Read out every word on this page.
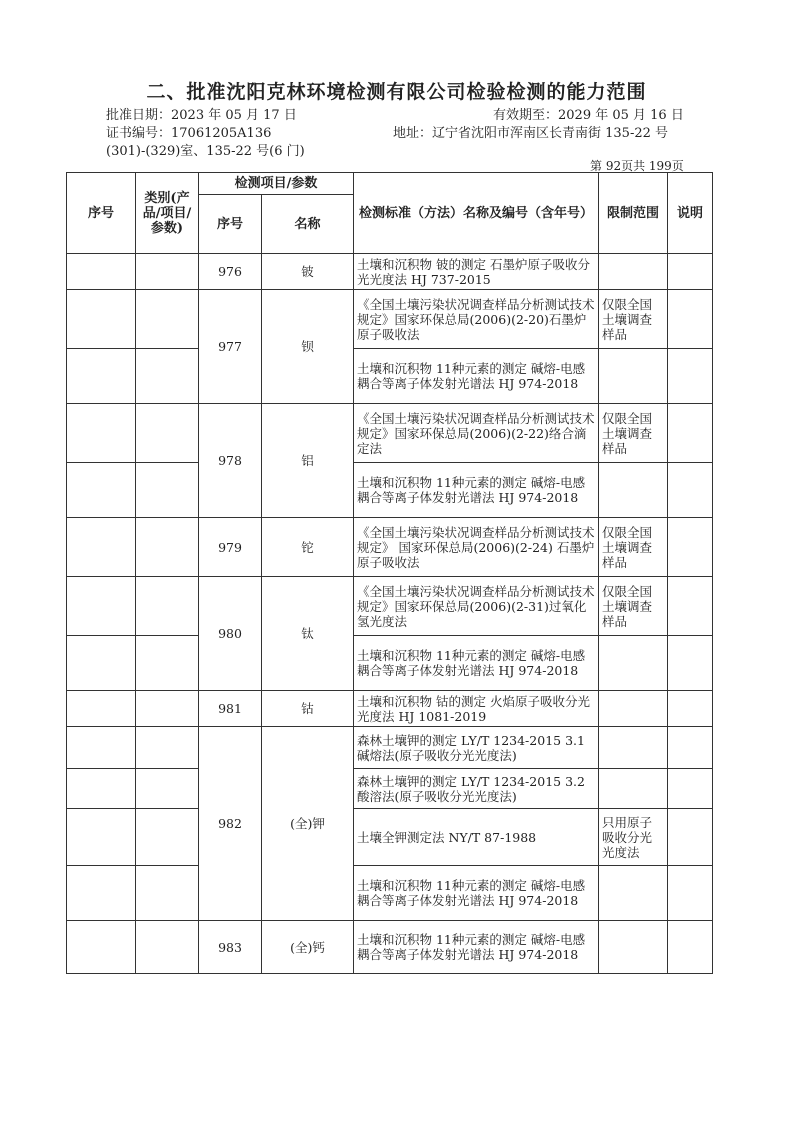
二、批准沈阳克林环境检测有限公司检验检测的能力范围
批准日期：2023 年 05 月 17 日	有效期至：2029 年 05 月 16 日
证书编号：17061205A136	地址：辽宁省沈阳市浑南区长青南街 135-22 号
(301)-(329)室、135-22 号(6 门)
第 92页共 199页
序号	类别(产品/项目/参数)	检测项目/参数		检测标准（方法）名称及编号（含年号）	限制范围	说明
		序号	名称			
		976	铍	土壤和沉积物 铍的测定 石墨炉原子吸收分光光度法 HJ 737-2015		
		977	钡	《全国土壤污染状况调查样品分析测试技术规定》国家环保总局(2006)(2-20)石墨炉原子吸收法	仅限全国土壤调查样品	
				土壤和沉积物 11种元素的测定 碱熔-电感耦合等离子体发射光谱法 HJ 974-2018		
		978	铝	《全国土壤污染状况调查样品分析测试技术规定》国家环保总局(2006)(2-22)络合滴定法	仅限全国土壤调查样品	
				土壤和沉积物 11种元素的测定 碱熔-电感耦合等离子体发射光谱法 HJ 974-2018		
		979	铊	《全国土壤污染状况调查样品分析测试技术规定》 国家环保总局(2006)(2-24) 石墨炉原子吸收法	仅限全国土壤调查样品	
		980	钛	《全国土壤污染状况调查样品分析测试技术规定》国家环保总局(2006)(2-31)过氧化氢光度法	仅限全国土壤调查样品	
				土壤和沉积物 11种元素的测定 碱熔-电感耦合等离子体发射光谱法 HJ 974-2018		
		981	钴	土壤和沉积物 钴的测定 火焰原子吸收分光光度法 HJ 1081-2019		
		982	(全)钾	森林土壤钾的测定 LY/T 1234-2015 3.1 碱熔法(原子吸收分光光度法)		
				森林土壤钾的测定 LY/T 1234-2015 3.2 酸溶法(原子吸收分光光度法)		
				土壤全钾测定法 NY/T 87-1988	只用原子吸收分光光度法	
				土壤和沉积物 11种元素的测定 碱熔-电感耦合等离子体发射光谱法 HJ 974-2018		
		983	(全)钙	土壤和沉积物 11种元素的测定 碱熔-电感耦合等离子体发射光谱法 HJ 974-2018		
